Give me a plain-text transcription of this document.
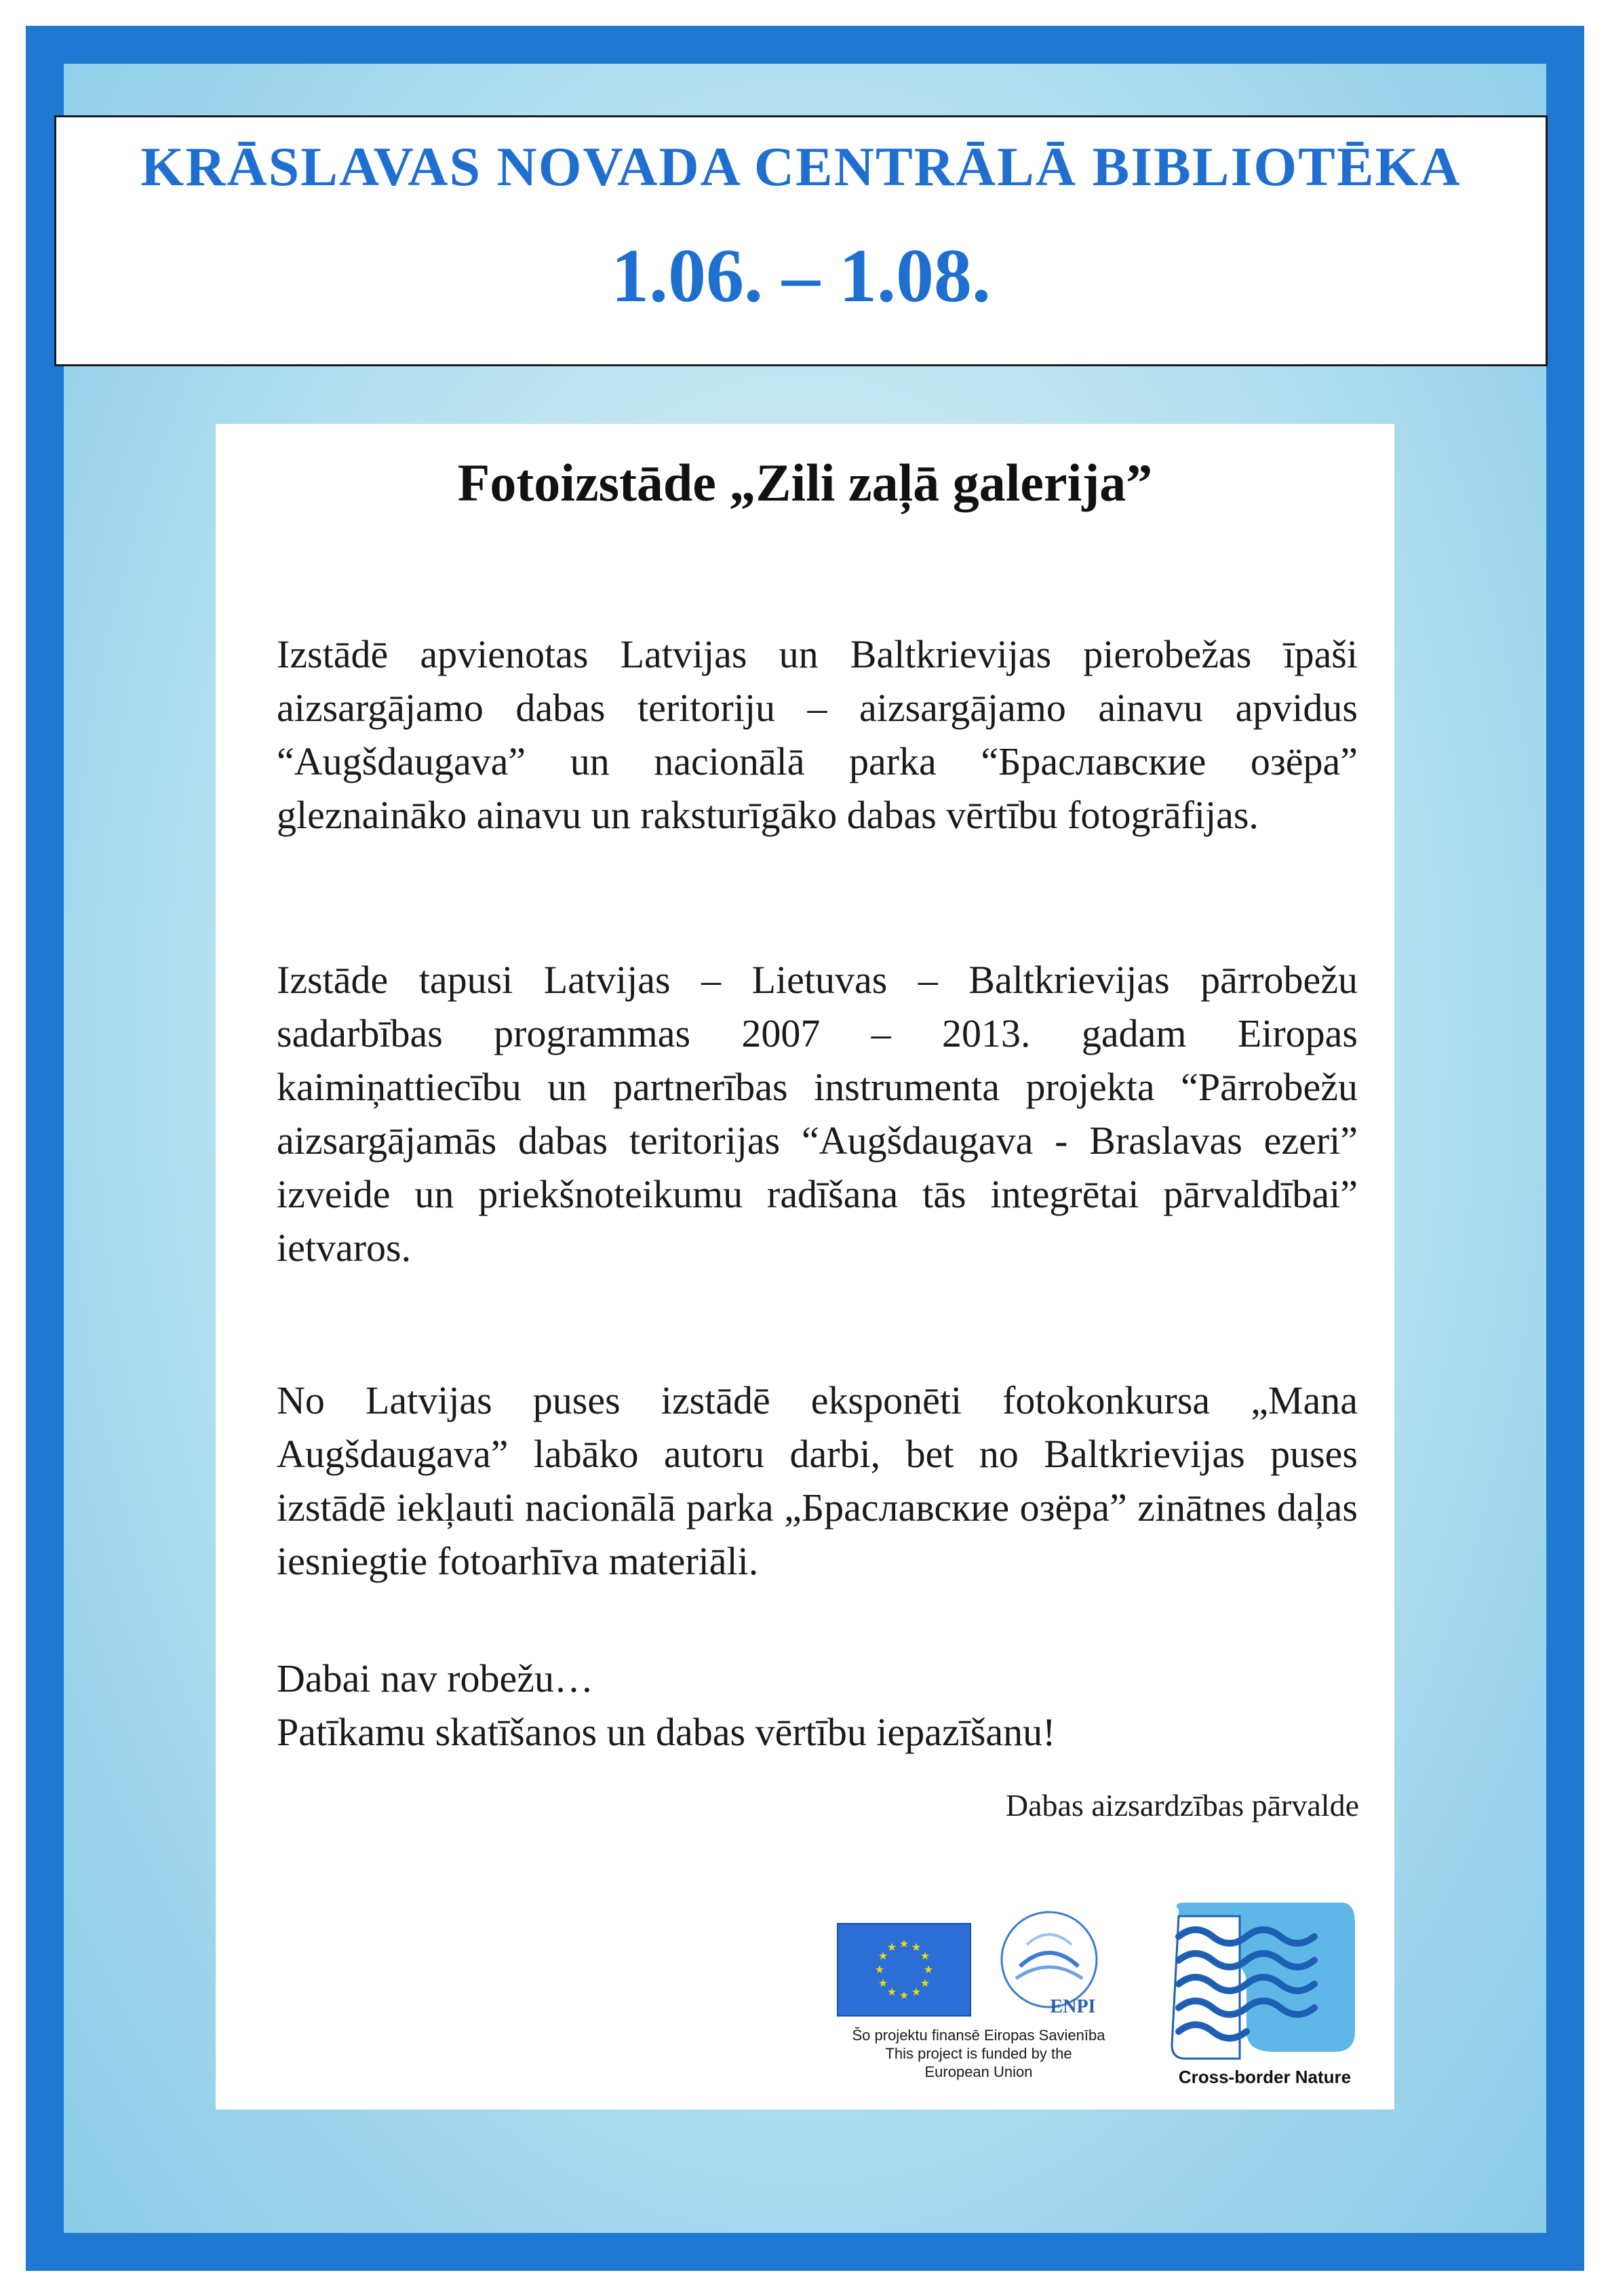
KRĀSLAVAS NOVADA CENTRĀLĀ BIBLIOTĒKA
1.06. – 1.08.
Fotoizstāde „Zili zaļā galerija”
Izstādē apvienotas Latvijas un Baltkrievijas pierobežas īpaši aizsargājamo dabas teritoriju – aizsargājamo ainavu apvidus “Augšdaugava” un nacionālā parka “Браславские озёра” gleznainākо ainavu un raksturīgākо dabas vērtību fotogrāfijas.
Izstāde tapusi Latvijas – Lietuvas – Baltkrievijas pārrobežu sadarbības programmas 2007 – 2013. gadam Eiropas kaimiņattiecību un partnerības instrumenta projekta “Pārrobežu aizsargājamās dabas teritorijas “Augšdaugava - Braslavas ezeri” izveide un priekšnoteikumu radīšana tās integrētai pārvaldībai” ietvaros.
No Latvijas puses izstādē eksponēti fotokonkursa „Mana Augšdaugava” labākо autoru darbi, bet no Baltkrievijas puses izstādē iekļauti nacionālā parka „Браславские озёра” zinātnes daļas iesniegtie fotoarhīva materiāli.
Dabai nav robežu…
Patīkamu skatīšanos un dabas vērtību iepazīšanu!
Dabas aizsardzības pārvalde
★ ★
★
★
★
★
★
★
★
★
★
★
ENPI
Šo projektu finansē Eiropas Savienība
This project is funded by the
European Union	Cross-border Nature
